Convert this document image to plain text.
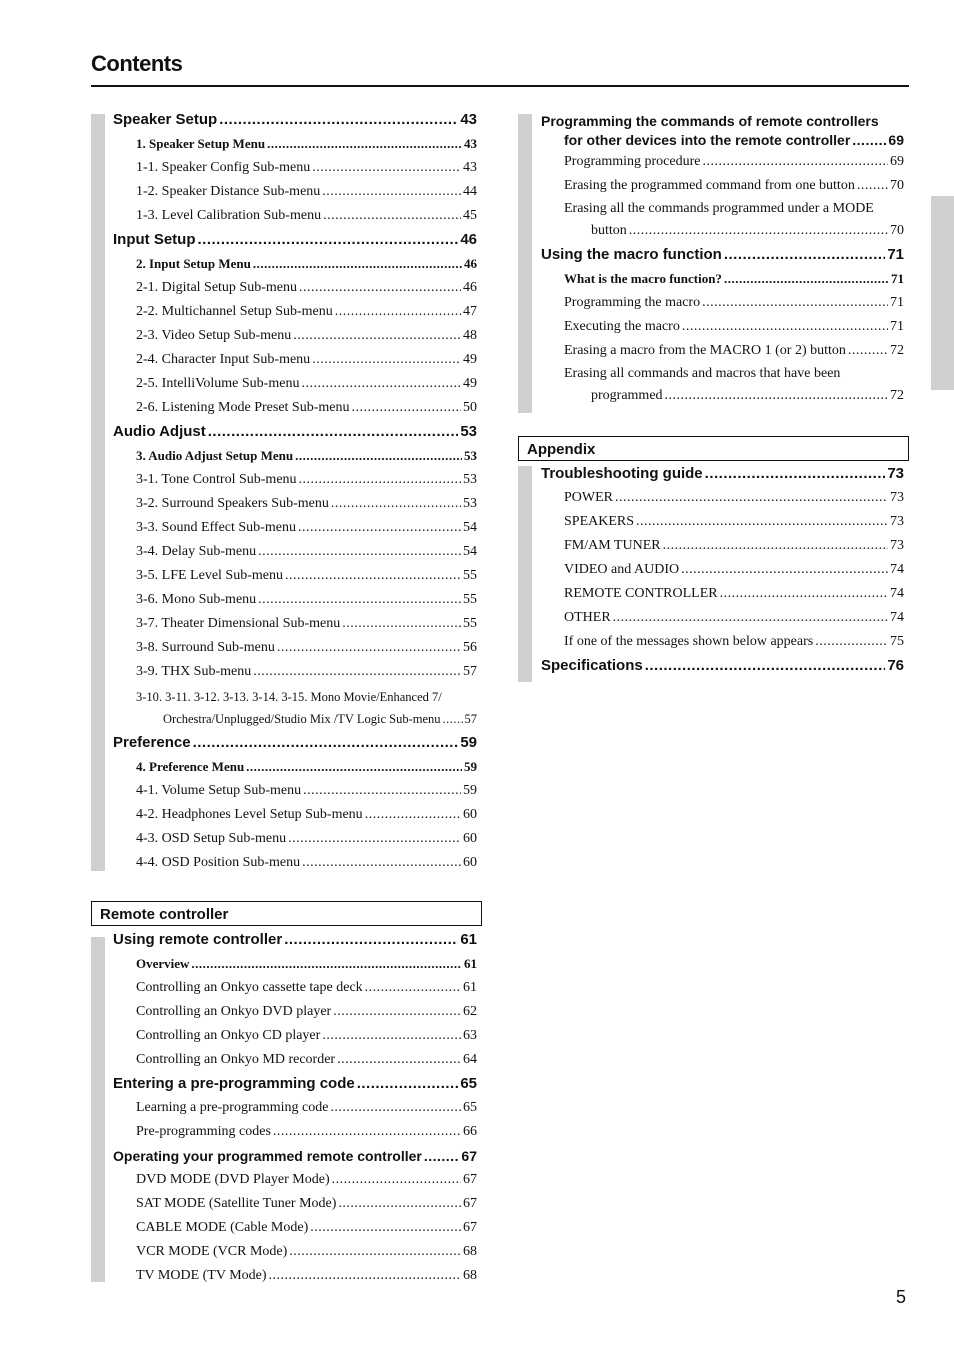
Contents
Speaker Setup .....	43
1. Speaker Setup Menu .....	43
1-1. Speaker Config Sub-menu .....	43
1-2. Speaker Distance Sub-menu .....	44
1-3. Level Calibration Sub-menu .....	45
Input Setup .....	46
2. Input Setup Menu .....	46
2-1. Digital Setup Sub-menu .....	46
2-2. Multichannel Setup Sub-menu .....	47
2-3. Video Setup Sub-menu .....	48
2-4. Character Input Sub-menu .....	49
2-5. IntelliVolume Sub-menu .....	49
2-6. Listening Mode Preset Sub-menu .....	50
Audio Adjust .....	53
3. Audio Adjust Setup Menu .....	53
3-1. Tone Control Sub-menu .....	53
3-2. Surround Speakers Sub-menu .....	53
3-3. Sound Effect Sub-menu .....	54
3-4. Delay Sub-menu .....	54
3-5. LFE Level Sub-menu .....	55
3-6. Mono Sub-menu .....	55
3-7. Theater Dimensional Sub-menu .....	55
3-8. Surround Sub-menu .....	56
3-9. THX Sub-menu .....	57
3-10. 3-11. 3-12. 3-13. 3-14. 3-15. Mono Movie/Enhanced 7/
Orchestra/Unplugged/Studio Mix /TV Logic Sub-menu ..... 57
Preference .....	59
4. Preference Menu .....	59
4-1. Volume Setup Sub-menu .....	59
4-2. Headphones Level Setup Sub-menu .....	60
4-3. OSD Setup Sub-menu .....	60
4-4. OSD Position Sub-menu .....	60
Remote controller
Using remote controller .....	61
Overview .....	61
Controlling an Onkyo cassette tape deck .....	61
Controlling an Onkyo DVD player .....	62
Controlling an Onkyo CD player .....	63
Controlling an Onkyo MD recorder .....	64
Entering a pre-programming code .....	65
Learning a pre-programming code .....	65
Pre-programming codes .....	66
Operating your programmed remote controller .....	67
DVD MODE (DVD Player Mode) .....	67
SAT MODE (Satellite Tuner Mode) .....	67
CABLE MODE (Cable Mode) .....	67
VCR MODE (VCR Mode) .....	68
TV MODE (TV Mode) .....	68
Programming the commands of remote controllers
for other devices into the remote controller .....	69
Programming procedure .....	69
Erasing the programmed command from one button .....	70
Erasing all the commands programmed under a MODE
button .....	70
Using the macro function .....	71
What is the macro function? .....	71
Programming the macro .....	71
Executing the macro .....	71
Erasing a macro from the MACRO 1 (or 2) button .....	72
Erasing all commands and macros that have been
programmed .....	72
Appendix
Troubleshooting guide .....	73
POWER .....	73
SPEAKERS .....	73
FM/AM TUNER .....	73
VIDEO and AUDIO .....	74
REMOTE CONTROLLER .....	74
OTHER .....	74
If one of the messages shown below appears .....	75
Specifications .....	76
5
